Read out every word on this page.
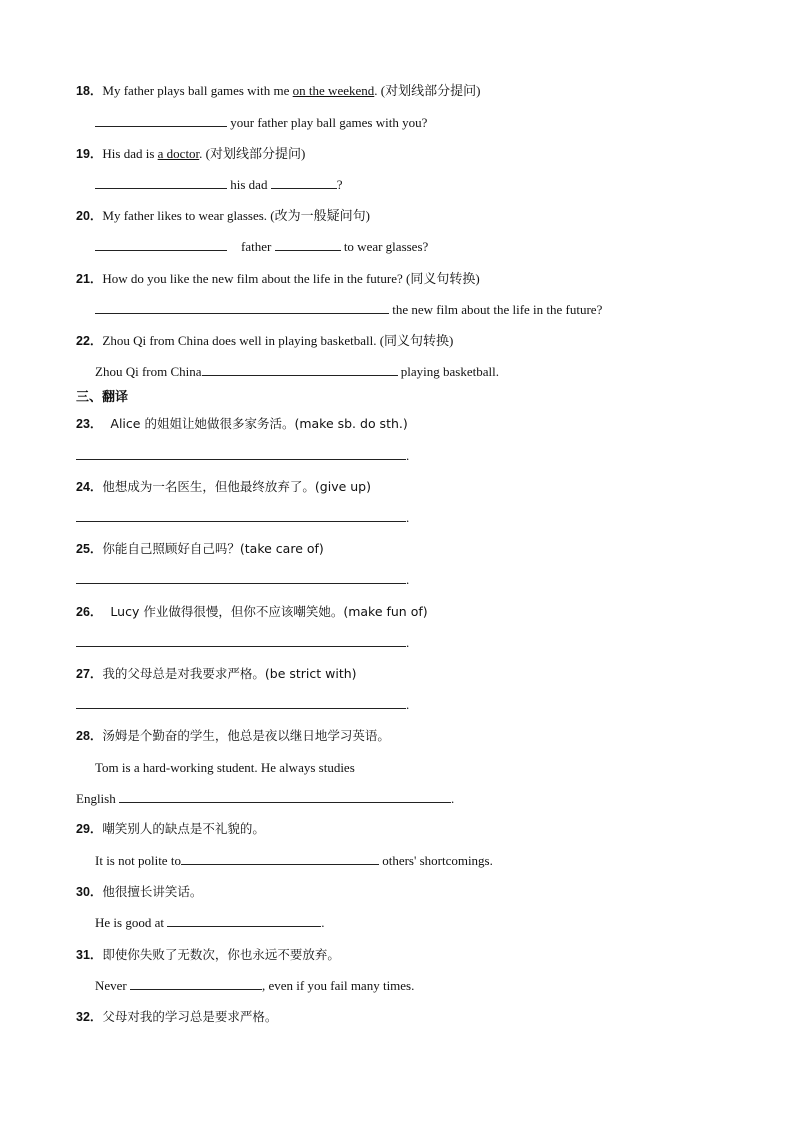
18．My father plays ball games with me on the weekend. (对划线部分提问)
your father play ball games with you?
19．His dad is a doctor. (对划线部分提问)
his dad	?
20．My father likes to wear glasses. (改为一般疑问句)
father	to wear glasses?
21．How do you like the new film about the life in the future? (同义句转换)
the new film about the life in the future?
22．Zhou Qi from China does well in playing basketball. (同义句转换)
Zhou Qi from China	playing basketball.
三、翻译
23． Alice 的姐姐让她做很多家务活。(make sb. do sth.)
.
24．他想成为一名医生，但他最终放弃了。(give up)
.
25．你能自己照顾好自己吗？(take care of)
.
26． Lucy 作业做得很慢，但你不应该嘲笑她。(make fun of)
.
27．我的父母总是对我要求严格。(be strict with)
.
28．汤姆是个勤奋的学生，他总是夜以继日地学习英语。
Tom is a hard-working student. He always studies
English	.
29．嘲笑别人的缺点是不礼貌的。
It is not polite to	others' shortcomings.
30．他很擅长讲笑话。
He is good at	.
31．即使你失败了无数次，你也永远不要放弃。
Never	, even if you fail many times.
32．父母对我的学习总是要求严格。
